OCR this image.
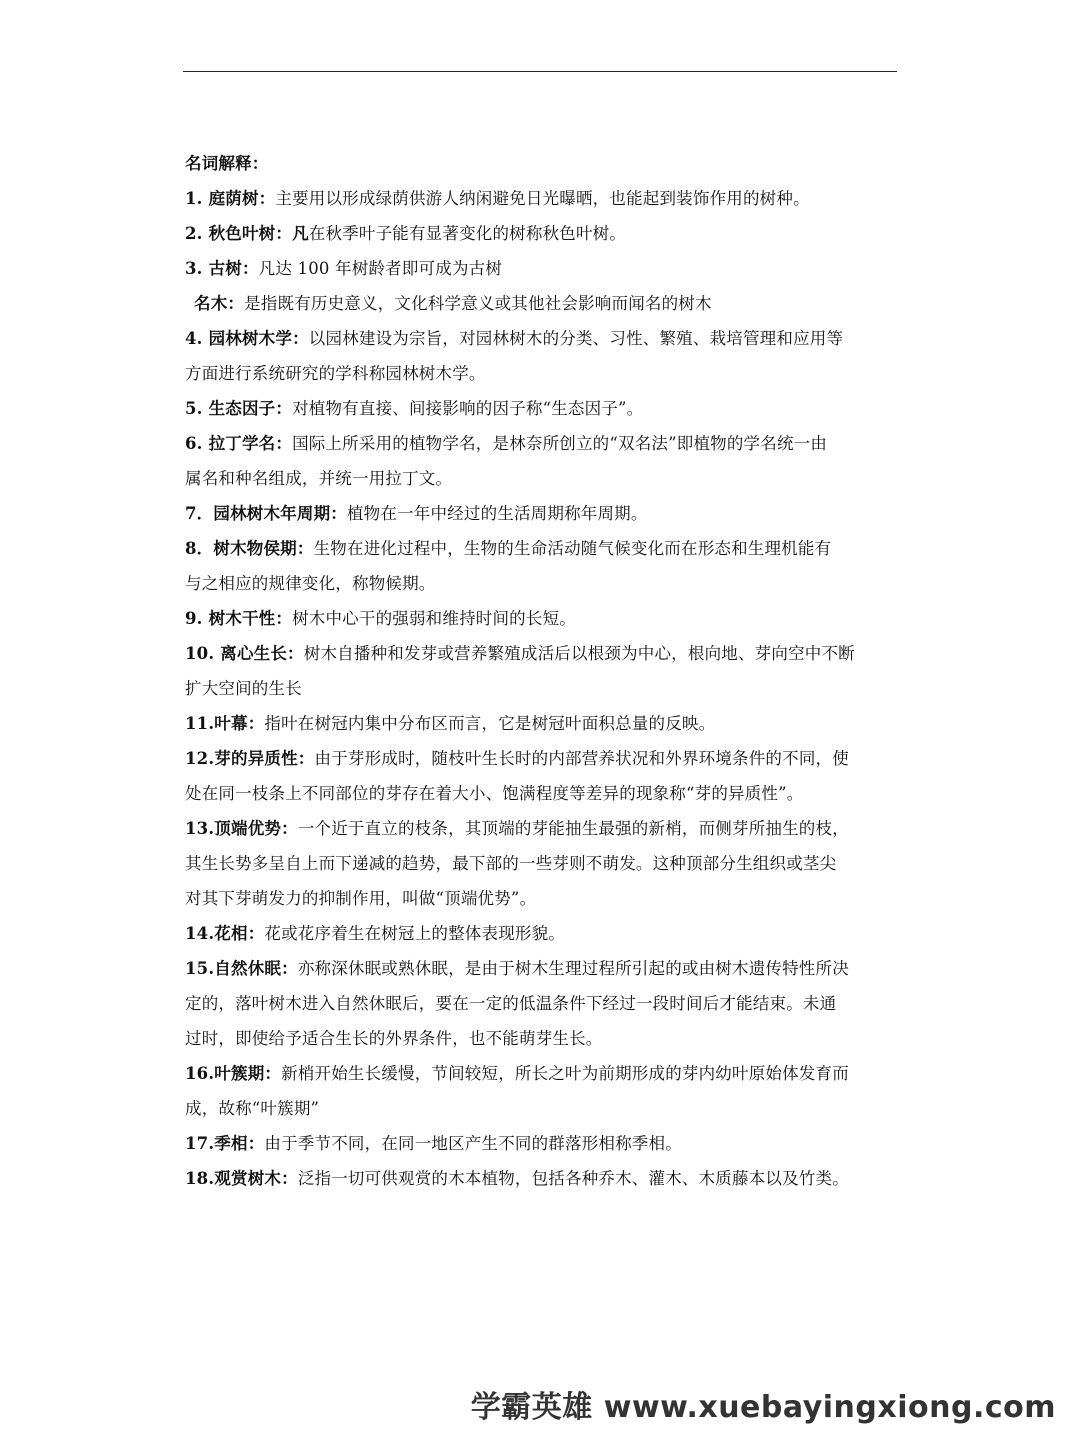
名词解释：
1. 庭荫树：主要用以形成绿荫供游人纳闲避免日光曝晒，也能起到装饰作用的树种。
2. 秋色叶树：凡在秋季叶子能有显著变化的树称秋色叶树。
3. 古树：凡达 100 年树龄者即可成为古树
名木：是指既有历史意义，文化科学意义或其他社会影响而闻名的树木
4. 园林树木学：以园林建设为宗旨，对园林树木的分类、习性、繁殖、栽培管理和应用等
方面进行系统研究的学科称园林树木学。
5. 生态因子：对植物有直接、间接影响的因子称“生态因子”。
6. 拉丁学名：国际上所采用的植物学名，是林奈所创立的“双名法”即植物的学名统一由
属名和种名组成，并统一用拉丁文。
7．园林树木年周期：植物在一年中经过的生活周期称年周期。
8．树木物侯期：生物在进化过程中，生物的生命活动随气候变化而在形态和生理机能有
与之相应的规律变化，称物候期。
9. 树木干性：树木中心干的强弱和维持时间的长短。
10. 离心生长：树木自播种和发芽或营养繁殖成活后以根颈为中心，根向地、芽向空中不断
扩大空间的生长
11.叶幕：指叶在树冠内集中分布区而言，它是树冠叶面积总量的反映。
12.芽的异质性：由于芽形成时，随枝叶生长时的内部营养状况和外界环境条件的不同，使
处在同一枝条上不同部位的芽存在着大小、饱满程度等差异的现象称“芽的异质性”。
13.顶端优势：一个近于直立的枝条，其顶端的芽能抽生最强的新梢，而侧芽所抽生的枝，
其生长势多呈自上而下递减的趋势，最下部的一些芽则不萌发。这种顶部分生组织或茎尖
对其下芽萌发力的抑制作用，叫做“顶端优势”。
14.花相：花或花序着生在树冠上的整体表现形貌。
15.自然休眠：亦称深休眠或熟休眠，是由于树木生理过程所引起的或由树木遗传特性所决
定的，落叶树木进入自然休眠后，要在一定的低温条件下经过一段时间后才能结束。未通
过时，即使给予适合生长的外界条件，也不能萌芽生长。
16.叶簇期：新梢开始生长缓慢，节间较短，所长之叶为前期形成的芽内幼叶原始体发育而
成，故称“叶簇期”
17.季相：由于季节不同，在同一地区产生不同的群落形相称季相。
18.观赏树木：泛指一切可供观赏的木本植物，包括各种乔木、灌木、木质藤本以及竹类。
学霸英雄 www.xuebayingxiong.com
